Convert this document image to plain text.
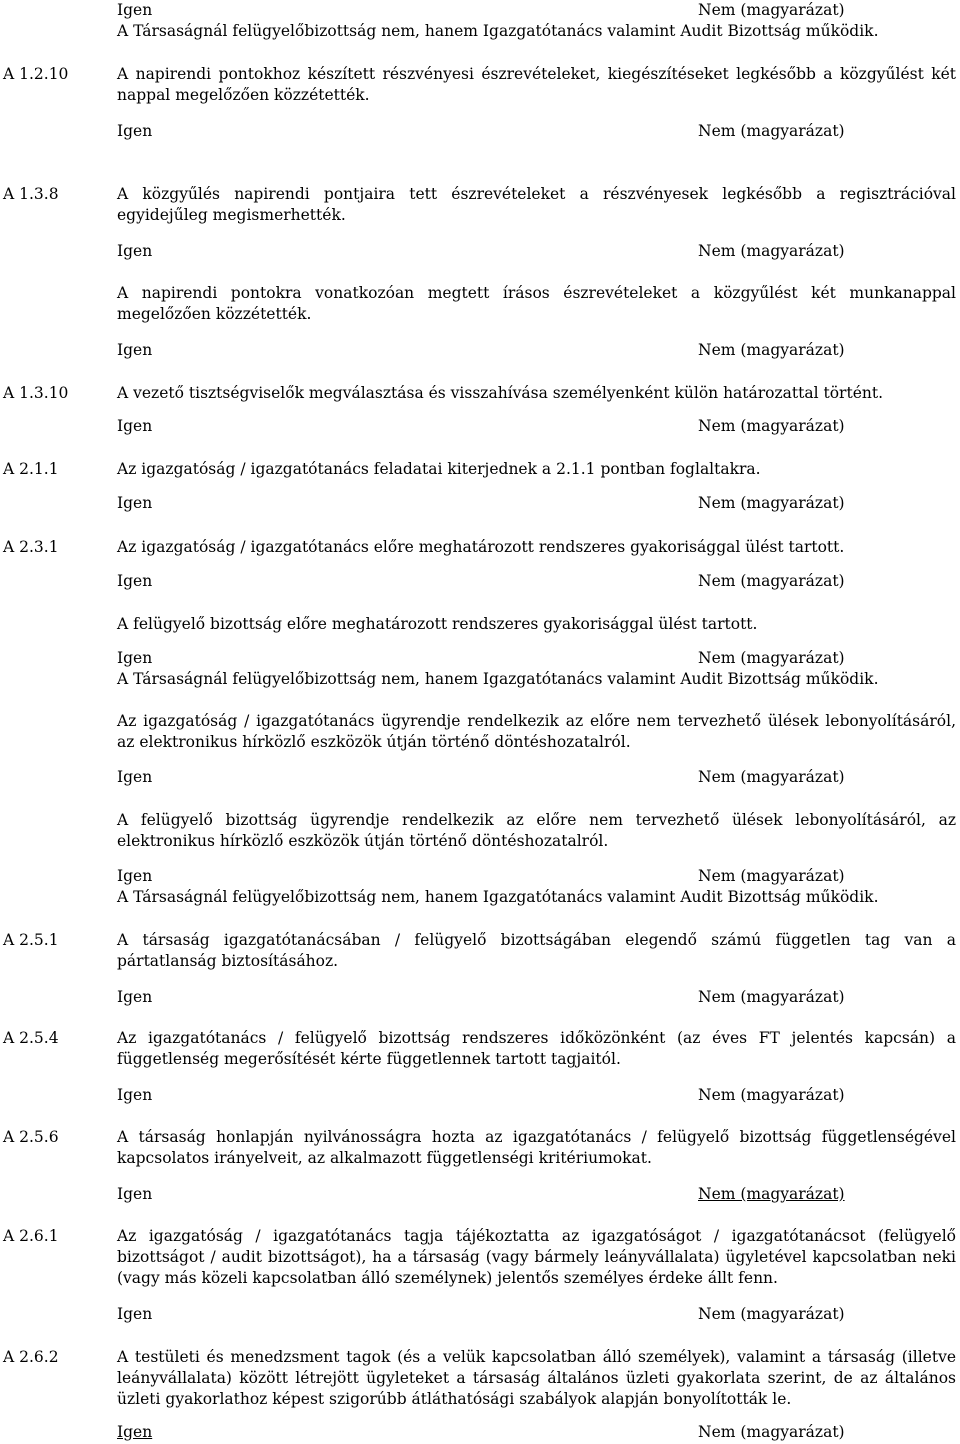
Igen	Nem (magyarázat)
A Társaságnál felügyelőbizottság nem, hanem Igazgatótanács valamint Audit Bizottság működik.
A 1.2.10	A napirendi pontokhoz készített részvényesi észrevételeket, kiegészítéseket legkésőbb a közgyűlést két nappal megelőzően közzétették.
Igen	Nem (magyarázat)
A 1.3.8	A közgyűlés napirendi pontjaira tett észrevételeket a részvényesek legkésőbb a regisztrációval egyidejűleg megismerhették.
Igen	Nem (magyarázat)
A napirendi pontokra vonatkozóan megtett írásos észrevételeket a közgyűlést két munkanappal megelőzően közzétették.
Igen	Nem (magyarázat)
A 1.3.10	A vezető tisztségviselők megválasztása és visszahívása személyenként külön határozattal történt.
Igen	Nem (magyarázat)
A 2.1.1	Az igazgatóság / igazgatótanács feladatai kiterjednek a 2.1.1 pontban foglaltakra.
Igen	Nem (magyarázat)
A 2.3.1	Az igazgatóság / igazgatótanács előre meghatározott rendszeres gyakorisággal ülést tartott.
Igen	Nem (magyarázat)
A felügyelő bizottság előre meghatározott rendszeres gyakorisággal ülést tartott.
Igen	Nem (magyarázat)
A Társaságnál felügyelőbizottság nem, hanem Igazgatótanács valamint Audit Bizottság működik.
Az igazgatóság / igazgatótanács ügyrendje rendelkezik az előre nem tervezhető ülések lebonyolításáról, az elektronikus hírközlő eszközök útján történő döntéshozatalról.
Igen	Nem (magyarázat)
A felügyelő bizottság ügyrendje rendelkezik az előre nem tervezhető ülések lebonyolításáról, az elektronikus hírközlő eszközök útján történő döntéshozatalról.
Igen	Nem (magyarázat)
A Társaságnál felügyelőbizottság nem, hanem Igazgatótanács valamint Audit Bizottság működik.
A 2.5.1	A társaság igazgatótanácsában / felügyelő bizottságában elegendő számú független tag van a pártatlanság biztosításához.
Igen	Nem (magyarázat)
A 2.5.4	Az igazgatótanács / felügyelő bizottság rendszeres időközönként (az éves FT jelentés kapcsán) a függetlenség megerősítését kérte függetlennek tartott tagjaitól.
Igen	Nem (magyarázat)
A 2.5.6	A társaság honlapján nyilvánosságra hozta az igazgatótanács / felügyelő bizottság függetlenségével kapcsolatos irányelveit, az alkalmazott függetlenségi kritériumokat.
Igen	Nem (magyarázat)
A 2.6.1	Az igazgatóság / igazgatótanács tagja tájékoztatta az igazgatóságot / igazgatótanácsot (felügyelő bizottságot / audit bizottságot), ha a társaság (vagy bármely leányvállalata) ügyletével kapcsolatban neki (vagy más közeli kapcsolatban álló személynek) jelentős személyes érdeke állt fenn.
Igen	Nem (magyarázat)
A 2.6.2	A testületi és menedzsment tagok (és a velük kapcsolatban álló személyek), valamint a társaság (illetve leányvállalata) között létrejött ügyleteket a társaság általános üzleti gyakorlata szerint, de az általános üzleti gyakorlathoz képest szigorúbb átláthatósági szabályok alapján bonyolították le.
Igen	Nem (magyarázat)
